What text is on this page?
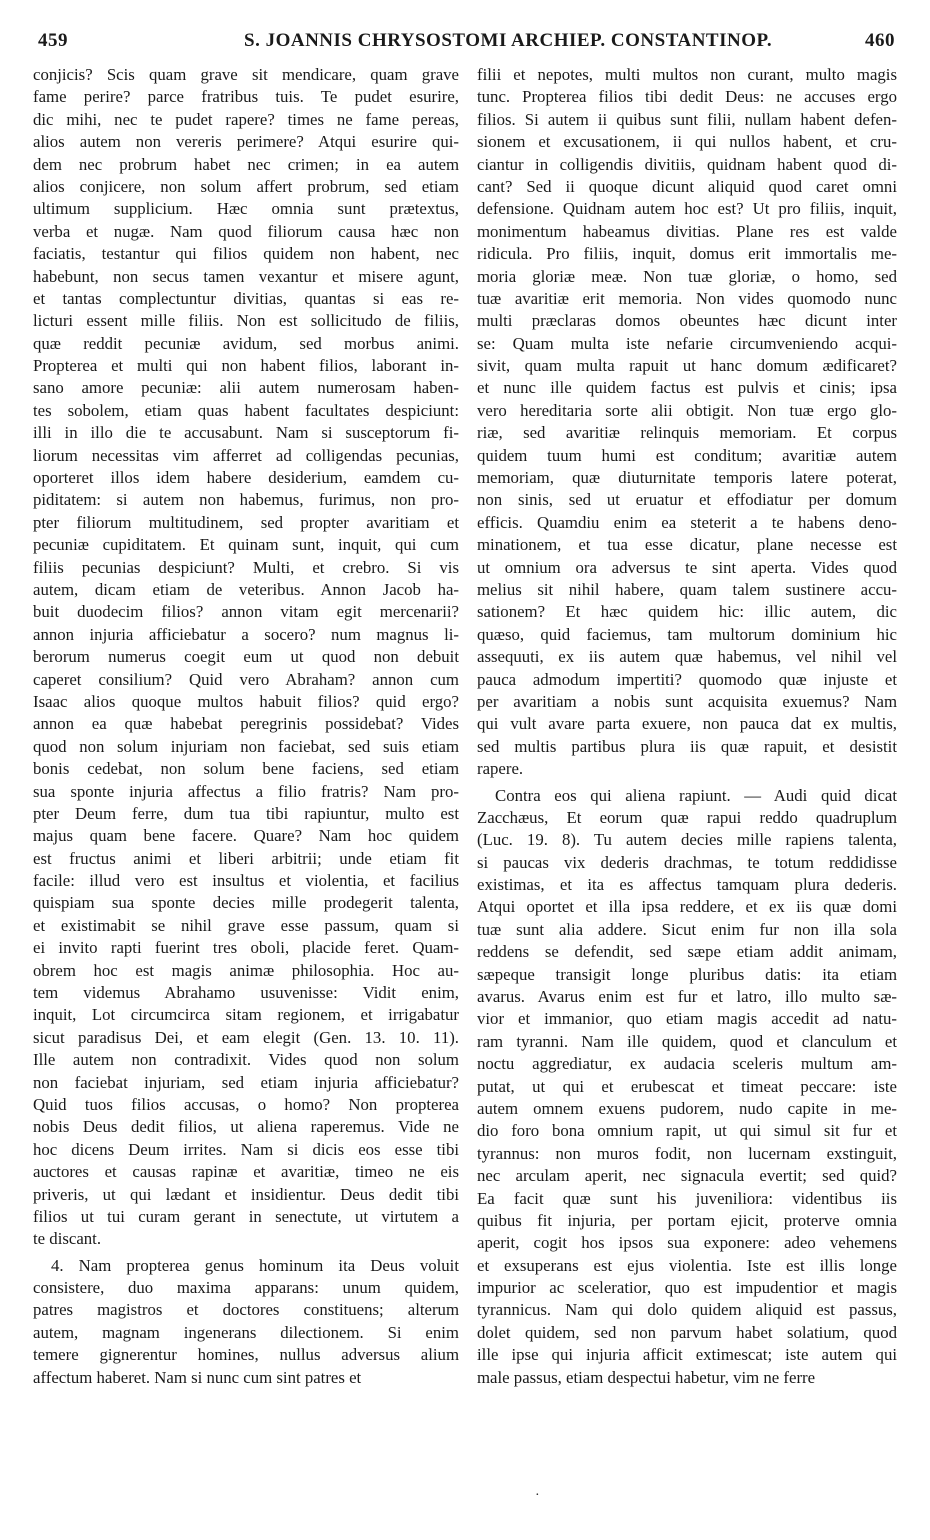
459	S. JOANNIS CHRYSOSTOMI ARCHIEP. CONSTANTINOP.	460
conjicis? Scis quam grave sit mendicare, quam grave
fame perire? parce fratribus tuis. Te pudet esurire,
dic mihi, nec te pudet rapere? times ne fame pereas,
alios autem non vereris perimere? Atqui esurire qui-
dem nec probrum habet nec crimen; in ea autem
alios conjicere, non solum affert probrum, sed etiam
ultimum supplicium. Hæc omnia sunt prætextus,
verba et nugæ. Nam quod filiorum causa hæc non
faciatis, testantur qui filios quidem non habent, nec
habebunt, non secus tamen vexantur et misere agunt,
et tantas complectuntur divitias, quantas si eas re-
licturi essent mille filiis. Non est sollicitudo de filiis,
quæ reddit pecuniæ avidum, sed morbus animi.
Propterea et multi qui non habent filios, laborant in-
sano amore pecuniæ: alii autem numerosam haben-
tes sobolem, etiam quas habent facultates despiciunt:
illi in illo die te accusabunt. Nam si susceptorum fi-
liorum necessitas vim afferret ad colligendas pecunias,
oporteret illos idem habere desiderium, eamdem cu-
piditatem: si autem non habemus, furimus, non pro-
pter filiorum multitudinem, sed propter avaritiam et
pecuniæ cupiditatem. Et quinam sunt, inquit, qui cum
filiis pecunias despiciunt? Multi, et crebro. Si vis
autem, dicam etiam de veteribus. Annon Jacob ha-
buit duodecim filios? annon vitam egit mercenarii?
annon injuria afficiebatur a socero? num magnus li-
berorum numerus coegit eum ut quod non debuit
caperet consilium? Quid vero Abraham? annon cum
Isaac alios quoque multos habuit filios? quid ergo?
annon ea quæ habebat peregrinis possidebat? Vides
quod non solum injuriam non faciebat, sed suis etiam
bonis cedebat, non solum bene faciens, sed etiam
sua sponte injuria affectus a filio fratris? Nam pro-
pter Deum ferre, dum tua tibi rapiuntur, multo est
majus quam bene facere. Quare? Nam hoc quidem
est fructus animi et liberi arbitrii; unde etiam fit
facile: illud vero est insultus et violentia, et facilius
quispiam sua sponte decies mille prodegerit talenta,
et existimabit se nihil grave esse passum, quam si
ei invito rapti fuerint tres oboli, placide feret. Quam-
obrem hoc est magis animæ philosophia. Hoc au-
tem videmus Abrahamo usuvenisse: Vidit enim,
inquit, Lot circumcirca sitam regionem, et irrigabatur
sicut paradisus Dei, et eam elegit (Gen. 13. 10. 11).
Ille autem non contradixit. Vides quod non solum
non faciebat injuriam, sed etiam injuria afficiebatur?
Quid tuos filios accusas, o homo? Non propterea
nobis Deus dedit filios, ut aliena raperemus. Vide ne
hoc dicens Deum irrites. Nam si dicis eos esse tibi
auctores et causas rapinæ et avaritiæ, timeo ne eis
priveris, ut qui lædant et insidientur. Deus dedit tibi
filios ut tui curam gerant in senectute, ut virtutem a
te discant.
4. Nam propterea genus hominum ita Deus voluit
consistere, duo maxima apparans: unum quidem,
patres magistros et doctores constituens; alterum
autem, magnam ingenerans dilectionem. Si enim
temere gignerentur homines, nullus adversus alium
affectum haberet. Nam si nunc cum sint patres et
filii et nepotes, multi multos non curant, multo magis
tunc. Propterea filios tibi dedit Deus: ne accuses ergo
filios. Si autem ii quibus sunt filii, nullam habent defen-
sionem et excusationem, ii qui nullos habent, et cru-
ciantur in colligendis divitiis, quidnam habent quod di-
cant? Sed ii quoque dicunt aliquid quod caret omni
defensione. Quidnam autem hoc est? Ut pro filiis, inquit,
monimentum habeamus divitias. Plane res est valde
ridicula. Pro filiis, inquit, domus erit immortalis me-
moria gloriæ meæ. Non tuæ gloriæ, o homo, sed
tuæ avaritiæ erit memoria. Non vides quomodo nunc
multi præclaras domos obeuntes hæc dicunt inter
se: Quam multa iste nefarie circumveniendo acqui-
sivit, quam multa rapuit ut hanc domum ædificaret?
et nunc ille quidem factus est pulvis et cinis; ipsa
vero hereditaria sorte alii obtigit. Non tuæ ergo glo-
riæ, sed avaritiæ relinquis memoriam. Et corpus
quidem tuum humi est conditum; avaritiæ autem
memoriam, quæ diuturnitate temporis latere poterat,
non sinis, sed ut eruatur et effodiatur per domum
efficis. Quamdiu enim ea steterit a te habens deno-
minationem, et tua esse dicatur, plane necesse est
ut omnium ora adversus te sint aperta. Vides quod
melius sit nihil habere, quam talem sustinere accu-
sationem? Et hæc quidem hic: illic autem, dic
quæso, quid faciemus, tam multorum dominium hic
assequuti, ex iis autem quæ habemus, vel nihil vel
pauca admodum impertiti? quomodo quæ injuste et
per avaritiam a nobis sunt acquisita exuemus? Nam
qui vult avare parta exuere, non pauca dat ex multis,
sed multis partibus plura iis quæ rapuit, et desistit
rapere.
Contra eos qui aliena rapiunt. — Audi quid dicat
Zacchæus, Et eorum quæ rapui reddo quadruplum
(Luc. 19. 8). Tu autem decies mille rapiens talenta,
si paucas vix dederis drachmas, te totum reddidisse
existimas, et ita es affectus tamquam plura dederis.
Atqui oportet et illa ipsa reddere, et ex iis quæ domi
tuæ sunt alia addere. Sicut enim fur non illa sola
reddens se defendit, sed sæpe etiam addit animam,
sæpeque transigit longe pluribus datis: ita etiam
avarus. Avarus enim est fur et latro, illo multo sæ-
vior et immanior, quo etiam magis accedit ad natu-
ram tyranni. Nam ille quidem, quod et clanculum et
noctu aggrediatur, ex audacia sceleris multum am-
putat, ut qui et erubescat et timeat peccare: iste
autem omnem exuens pudorem, nudo capite in me-
dio foro bona omnium rapit, ut qui simul sit fur et
tyrannus: non muros fodit, non lucernam exstinguit,
nec arculam aperit, nec signacula evertit; sed quid?
Ea facit quæ sunt his juveniliora: videntibus iis
quibus fit injuria, per portam ejicit, proterve omnia
aperit, cogit hos ipsos sua exponere: adeo vehemens
et exsuperans est ejus violentia. Iste est illis longe
impurior ac sceleratior, quo est impudentior et magis
tyrannicus. Nam qui dolo quidem aliquid est passus,
dolet quidem, sed non parvum habet solatium, quod
ille ipse qui injuria afficit extimescat; iste autem qui
male passus, etiam despectui habetur, vim ne ferre
·
